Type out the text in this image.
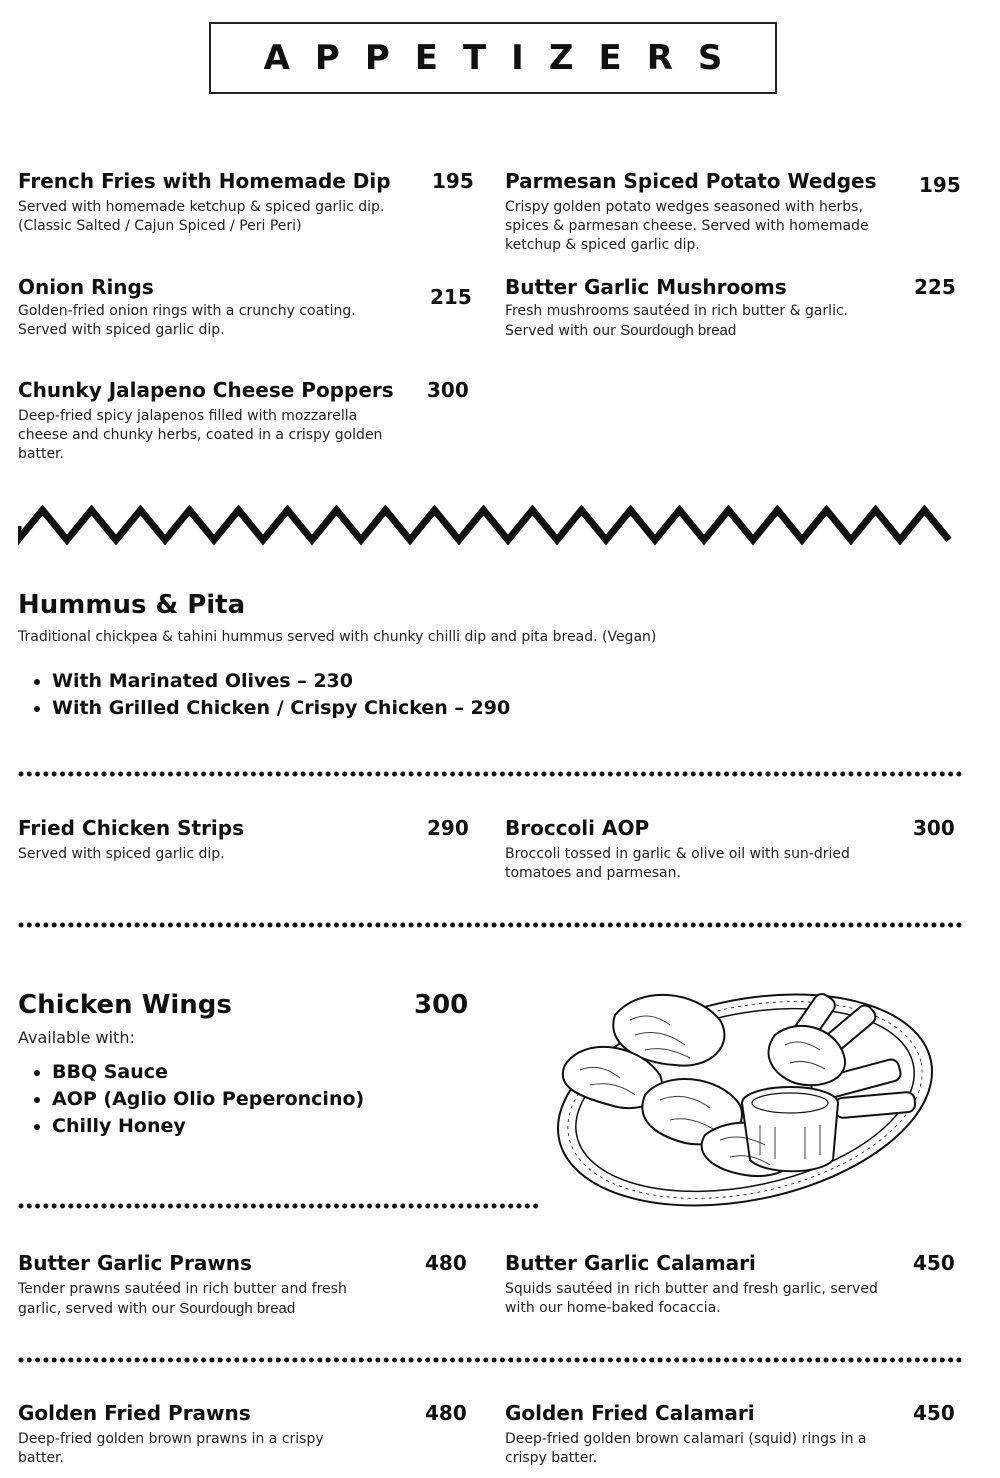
APPETIZERS
French Fries with Homemade Dip 195
Served with homemade ketchup & spiced garlic dip.
(Classic Salted / Cajun Spiced / Peri Peri)
Parmesan Spiced Potato Wedges 195
Crispy golden potato wedges seasoned with herbs,
spices & parmesan cheese. Served with homemade
ketchup & spiced garlic dip.
Onion Rings	215
Golden-fried onion rings with a crunchy coating.
Served with spiced garlic dip.
Butter Garlic Mushrooms	225
Fresh mushrooms sautéed in rich butter & garlic.
Served with our Sourdough bread
Chunky Jalapeno Cheese Poppers 300
Deep-fried spicy jalapenos filled with mozzarella
cheese and chunky herbs, coated in a crispy golden
batter.
Hummus & Pita
Traditional chickpea & tahini hummus served with chunky chilli dip and pita bread. (Vegan)
• With Marinated Olives – 230
• With Grilled Chicken / Crispy Chicken – 290
Fried Chicken Strips	290
Served with spiced garlic dip.
Broccoli AOP	300
Broccoli tossed in garlic & olive oil with sun-dried
tomatoes and parmesan.
Chicken Wings	300
Available with:
• BBQ Sauce
• AOP (Aglio Olio Peperoncino)
• Chilly Honey
Butter Garlic Prawns	480
Tender prawns sautéed in rich butter and fresh
garlic, served with our Sourdough bread
Butter Garlic Calamari	450
Squids sautéed in rich butter and fresh garlic, served
with our home-baked focaccia.
Golden Fried Prawns	480
Deep-fried golden brown prawns in a crispy
batter.
Golden Fried Calamari	450
Deep-fried golden brown calamari (squid) rings in a
crispy batter.
